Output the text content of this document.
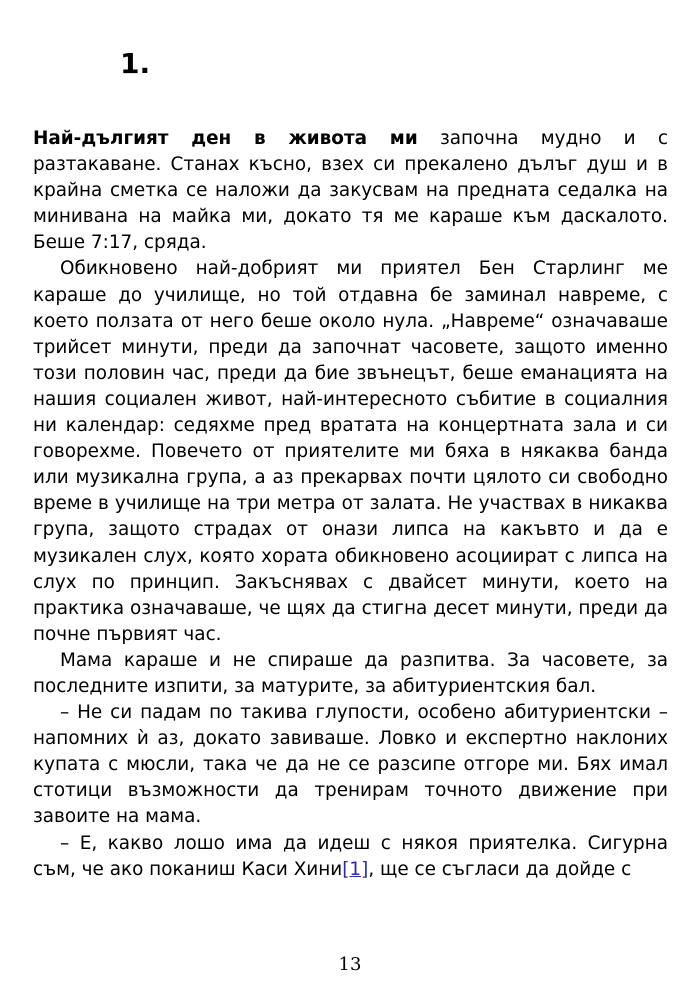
1.

Най-дългият ден в живота ми започна мудно и с разтакаване. Станах късно, взех си прекалено дълъг душ и в крайна сметка се наложи да закусвам на предната седалка на миниванa на майка ми, докато тя ме караше към даскалото. Беше 7:17, сряда.

Обикновено най-добрият ми приятел Бен Старлинг ме караше до училище, но той отдавна бе заминал навреме, с което ползата от него беше около нула. „Навреме“ означаваше трийсет минути, преди да започнат часовете, защото именно този половин час, преди да бие звънецът, беше еманацията на нашия социален живот, най-интересното събитие в социалния ни календар: седяхме пред вратата на концертната зала и си говорехме. Повечето от приятелите ми бяха в някаква банда или музикална група, а аз прекарвах почти цялото си свободно време в училище на три метра от залата. Не участвах в никаква група, защото страдах от онази липса на какъвто и да е музикален слух, която хората обикновено асоциират с липса на слух по принцип. Закъснявах с двайсет минути, което на практика означаваше, че щях да стигна десет минути, преди да почне първият час.

Мама караше и не спираше да разпитва. За часовете, за последните изпити, за матурите, за абитуриентския бал.

– Не си падам по такива глупости, особено абитуриентски – напомних ѝ аз, докато завиваше. Ловко и експертно наклоних купата с мюсли, така че да не се разсипе отгоре ми. Бях имал стотици възможности да тренирам точното движение при завоите на мама.

– Е, какво лошо има да идеш с някоя приятелка. Сигурна съм, че ако поканиш Каси Хини[1], ще се съгласи да дойде с

13
